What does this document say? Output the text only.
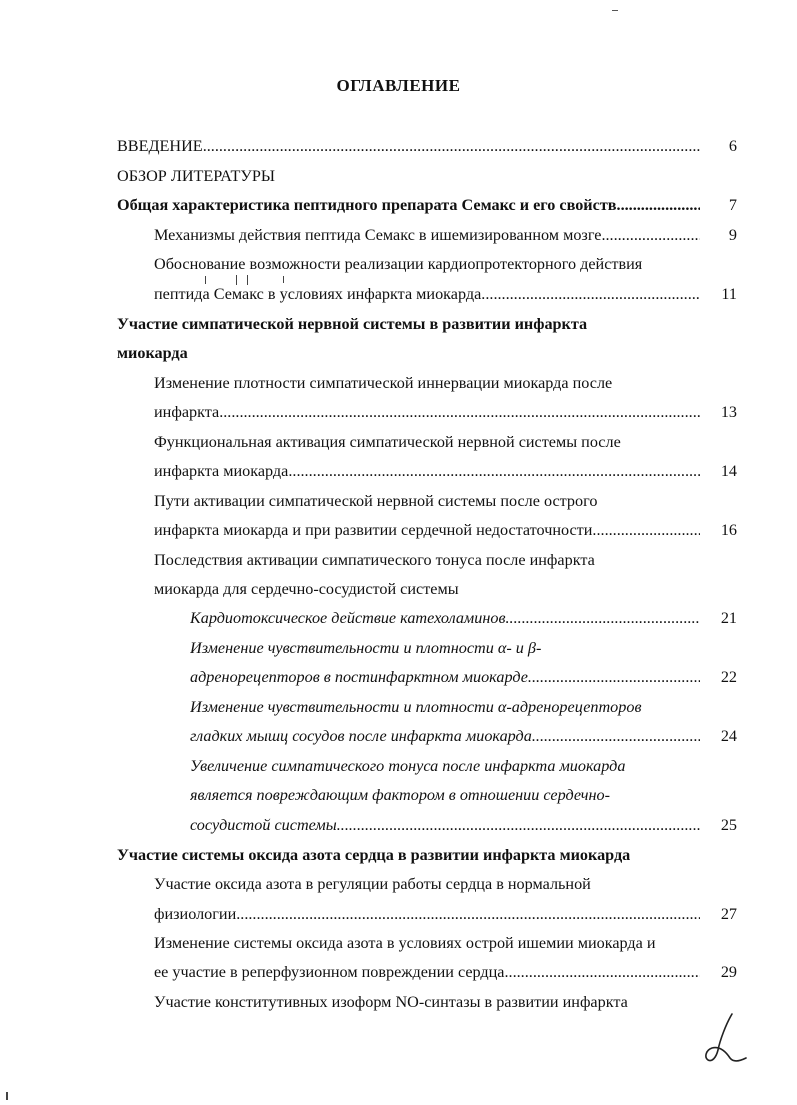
ОГЛАВЛЕНИЕ
ВВЕДЕНИЕ .....	6
ОБЗОР ЛИТЕРАТУРЫ
Общая характеристика пептидного препарата Семакс и его свойств .....	7
Механизмы действия пептида Семакс в ишемизированном мозге .....	9
Обоснование возможности реализации кардиопротекторного действия
пептида Семакс в условиях инфаркта миокарда .....	11
Участие симпатической нервной системы в развитии инфаркта
миокарда
Изменение плотности симпатической иннервации миокарда после
инфаркта .....	13
Функциональная активация симпатической нервной системы после
инфаркта миокарда .....	14
Пути активации симпатической нервной системы после острого
инфаркта миокарда и при развитии сердечной недостаточности .....	16
Последствия активации симпатического тонуса после инфаркта
миокарда для сердечно-сосудистой системы
Кардиотоксическое действие катехоламинов .....	21
Изменение чувствительности и плотности α- и β-
адренорецепторов в постинфарктном миокарде .....	22
Изменение чувствительности и плотности α-адренорецепторов
гладких мышц сосудов после инфаркта миокарда .....	24
Увеличение симпатического тонуса после инфаркта миокарда
является повреждающим фактором в отношении сердечно-
сосудистой системы .....	25
Участие системы оксида азота сердца в развитии инфаркта миокарда
Участие оксида азота в регуляции работы сердца в нормальной
физиологии .....	27
Изменение системы оксида азота в условиях острой ишемии миокарда и
ее участие в реперфузионном повреждении сердца .....	29
Участие конститутивных изоформ NO-синтазы в развитии инфаркта
